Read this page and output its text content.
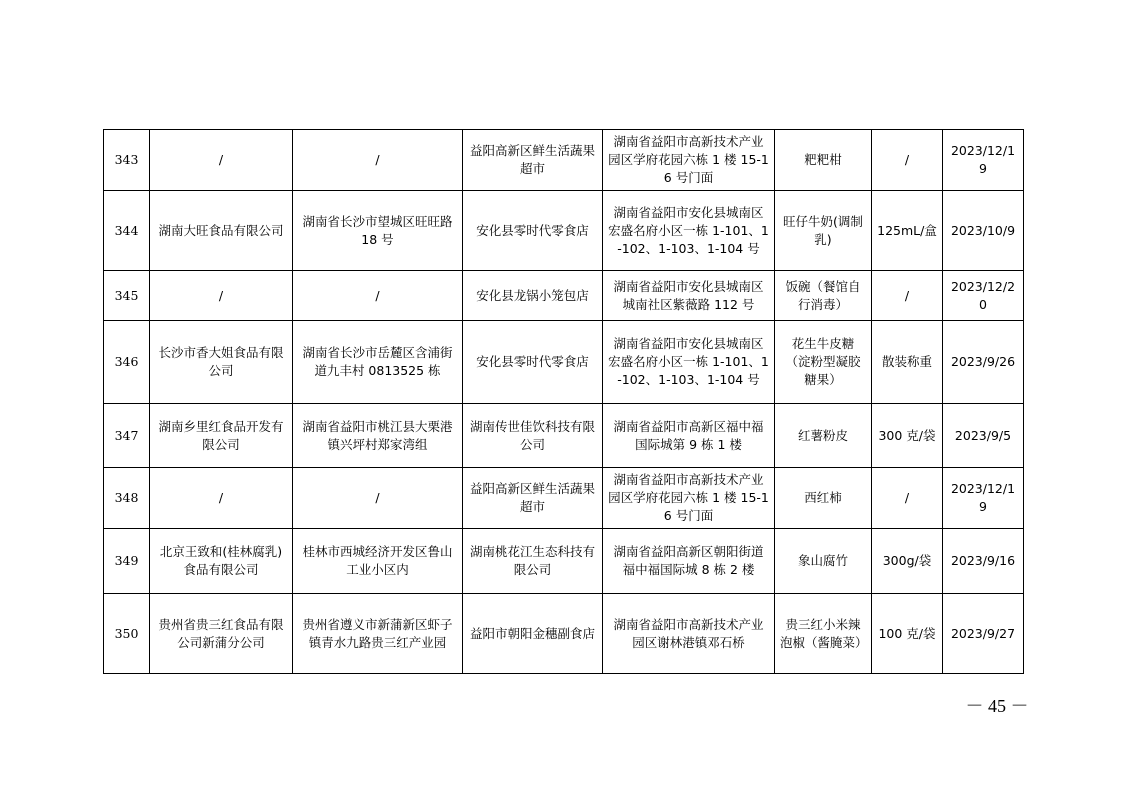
343	/	/	益阳高新区鲜生活蔬果超市	湖南省益阳市高新技术产业园区学府花园六栋 1 楼 15-16 号门面	粑粑柑	/	2023/12/19
344	湖南大旺食品有限公司	湖南省长沙市望城区旺旺路 18 号	安化县零时代零食店	湖南省益阳市安化县城南区宏盛名府小区一栋 1-101、1-102、1-103、1-104 号	旺仔牛奶(调制乳)	125mL/盒	2023/10/9
345	/	/	安化县龙锅小笼包店	湖南省益阳市安化县城南区城南社区紫薇路 112 号	饭碗（餐馆自行消毒）	/	2023/12/20
346	长沙市香大姐食品有限公司	湖南省长沙市岳麓区含浦街道九丰村 0813525 栋	安化县零时代零食店	湖南省益阳市安化县城南区宏盛名府小区一栋 1-101、1-102、1-103、1-104 号	花生牛皮糖（淀粉型凝胶糖果）	散装称重	2023/9/26
347	湖南乡里红食品开发有限公司	湖南省益阳市桃江县大栗港镇兴坪村郑家湾组	湖南传世佳饮科技有限公司	湖南省益阳市高新区福中福国际城第 9 栋 1 楼	红薯粉皮	300 克/袋	2023/9/5
348	/	/	益阳高新区鲜生活蔬果超市	湖南省益阳市高新技术产业园区学府花园六栋 1 楼 15-16 号门面	西红柿	/	2023/12/19
349	北京王致和(桂林腐乳)食品有限公司	桂林市西城经济开发区鲁山工业小区内	湖南桃花江生态科技有限公司	湖南省益阳高新区朝阳街道福中福国际城 8 栋 2 楼	象山腐竹	300g/袋	2023/9/16
350	贵州省贵三红食品有限公司新蒲分公司	贵州省遵义市新蒲新区虾子镇青水九路贵三红产业园	益阳市朝阳金穗副食店	湖南省益阳市高新技术产业园区谢林港镇邓石桥	贵三红小米辣泡椒（酱腌菜）	100 克/袋	2023/9/27
－ 45 －
